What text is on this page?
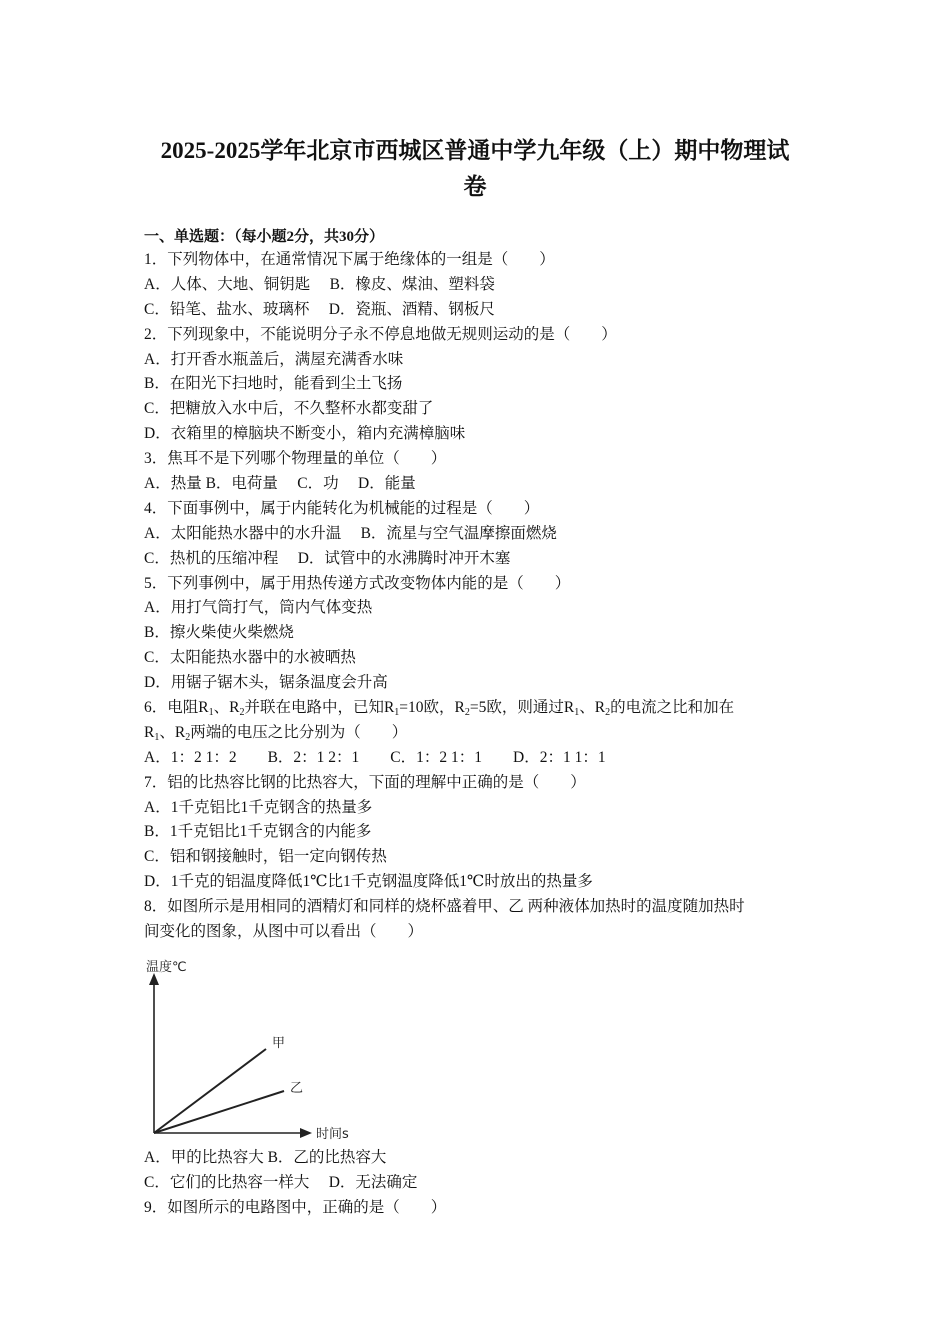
2025-2025学年北京市西城区普通中学九年级（上）期中物理试
卷
一、单选题：（每小题2分，共30分）
1．下列物体中，在通常情况下属于绝缘体的一组是（　　）
A．人体、大地、铜钥匙　 B．橡皮、煤油、塑料袋
C．铅笔、盐水、玻璃杯　 D．瓷瓶、酒精、钢板尺
2．下列现象中，不能说明分子永不停息地做无规则运动的是（　　）
A．打开香水瓶盖后，满屋充满香水味
B．在阳光下扫地时，能看到尘土飞扬
C．把糖放入水中后，不久整杯水都变甜了
D．衣箱里的樟脑块不断变小，箱内充满樟脑味
3．焦耳不是下列哪个物理量的单位（　　）
A．热量 B．电荷量　 C．功　 D．能量
4．下面事例中，属于内能转化为机械能的过程是（　　）
A．太阳能热水器中的水升温　 B．流星与空气温摩擦面燃烧
C．热机的压缩冲程　 D．试管中的水沸腾时冲开木塞
5．下列事例中，属于用热传递方式改变物体内能的是（　　）
A．用打气筒打气，筒内气体变热
B．擦火柴使火柴燃烧
C．太阳能热水器中的水被晒热
D．用锯子锯木头，锯条温度会升高
6．电阻$R_1$、$R_2$并联在电路中，已知$R_1=10$欧，$R_2=5$欧，则通过$R_1$、$R_2$的电流之比和加在
$R_1$、$R_2$两端的电压之比分别为（　　）
A．1：2 1：2　　B．2：1 2：1　　C．1：2 1：1　　D．2：1 1：1
7．铝的比热容比钢的比热容大，下面的理解中正确的是（　　）
A．1千克铝比1千克钢含的热量多
B．1千克铝比1千克钢含的内能多
C．铝和钢接触时，铝一定向钢传热
D．1千克的铝温度降低1℃比1千克钢温度降低1℃时放出的热量多
8．如图所示是用相同的酒精灯和同样的烧杯盛着甲、乙 两种液体加热时的温度随加热时
间变化的图象，从图中可以看出（　　）
温度℃
时间s
甲
乙
A．甲的比热容大 B．乙的比热容大
C．它们的比热容一样大　 D．无法确定
9．如图所示的电路图中，正确的是（　　）
